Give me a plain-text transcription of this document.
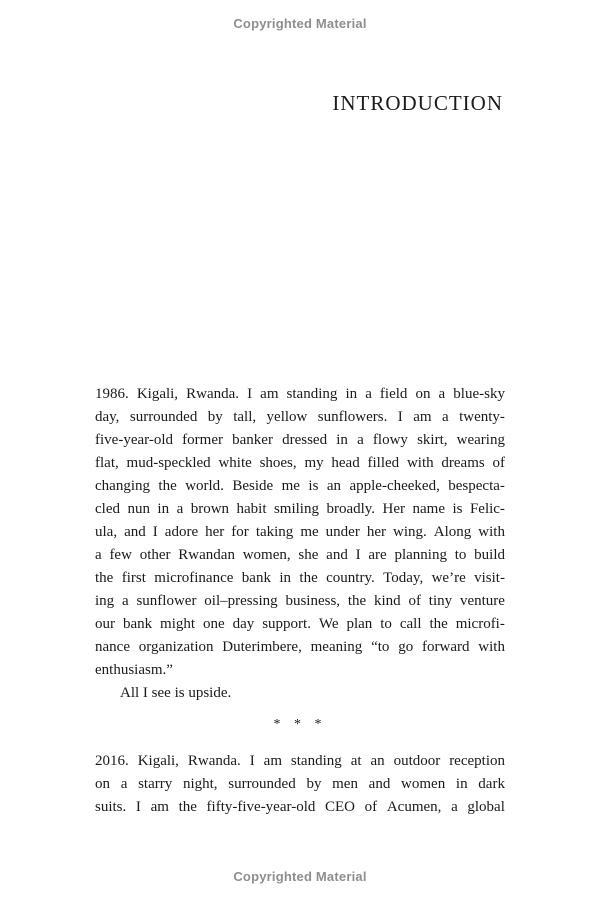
Copyrighted Material
INTRODUCTION
1986. Kigali, Rwanda. I am standing in a field on a blue-sky
day, surrounded by tall, yellow sunflowers. I am a twenty-
five-year-old former banker dressed in a flowy skirt, wearing
flat, mud-speckled white shoes, my head filled with dreams of
changing the world. Beside me is an apple-cheeked, bespecta-
cled nun in a brown habit smiling broadly. Her name is Felic-
ula, and I adore her for taking me under her wing. Along with
a few other Rwandan women, she and I are planning to build
the first microfinance bank in the country. Today, we’re visit-
ing a sunflower oil–pressing business, the kind of tiny venture
our bank might one day support. We plan to call the microfi-
nance organization Duterimbere, meaning “to go forward with
enthusiasm.”
All I see is upside.
* * *
2016. Kigali, Rwanda. I am standing at an outdoor reception
on a starry night, surrounded by men and women in dark
suits. I am the fifty-five-year-old CEO of Acumen, a global
Copyrighted Material
